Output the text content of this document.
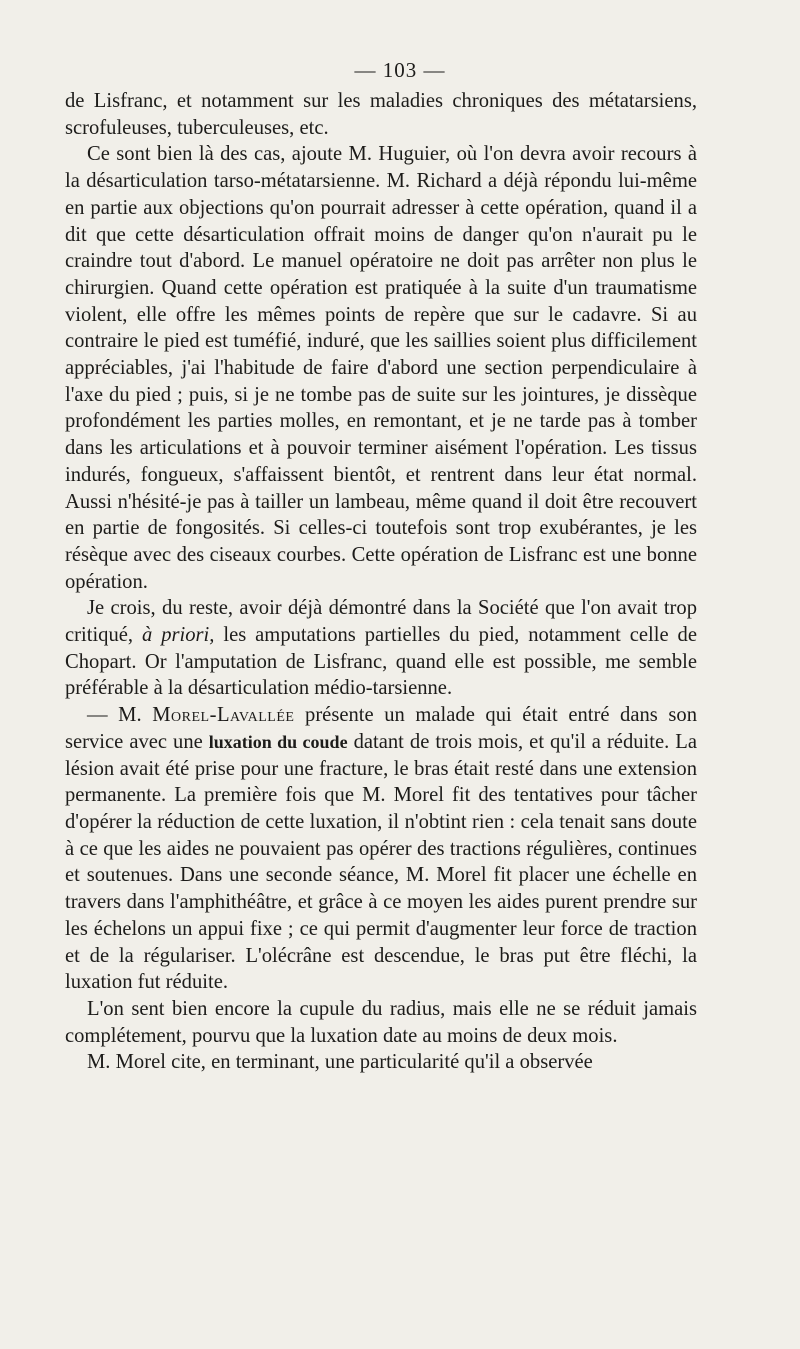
— 103 —

de Lisfranc, et notamment sur les maladies chroniques des métatarsiens, scrofuleuses, tuberculeuses, etc.

Ce sont bien là des cas, ajoute M. Huguier, où l'on devra avoir recours à la désarticulation tarso-métatarsienne. M. Richard a déjà répondu lui-même en partie aux objections qu'on pourrait adresser à cette opération, quand il a dit que cette désarticulation offrait moins de danger qu'on n'aurait pu le craindre tout d'abord. Le manuel opératoire ne doit pas arrêter non plus le chirurgien. Quand cette opération est pratiquée à la suite d'un traumatisme violent, elle offre les mêmes points de repère que sur le cadavre. Si au contraire le pied est tuméfié, induré, que les saillies soient plus difficilement appréciables, j'ai l'habitude de faire d'abord une section perpendiculaire à l'axe du pied ; puis, si je ne tombe pas de suite sur les jointures, je dissèque profondément les parties molles, en remontant, et je ne tarde pas à tomber dans les articulations et à pouvoir terminer aisément l'opération. Les tissus indurés, fongueux, s'affaissent bientôt, et rentrent dans leur état normal. Aussi n'hésité-je pas à tailler un lambeau, même quand il doit être recouvert en partie de fongosités. Si celles-ci toutefois sont trop exubérantes, je les résèque avec des ciseaux courbes. Cette opération de Lisfranc est une bonne opération.

Je crois, du reste, avoir déjà démontré dans la Société que l'on avait trop critiqué, à priori, les amputations partielles du pied, notamment celle de Chopart. Or l'amputation de Lisfranc, quand elle est possible, me semble préférable à la désarticulation médio-tarsienne.

— M. Morel-Lavallée présente un malade qui était entré dans son service avec une luxation du coude datant de trois mois, et qu'il a réduite. La lésion avait été prise pour une fracture, le bras était resté dans une extension permanente. La première fois que M. Morel fit des tentatives pour tâcher d'opérer la réduction de cette luxation, il n'obtint rien : cela tenait sans doute à ce que les aides ne pouvaient pas opérer des tractions régulières, continues et soutenues. Dans une seconde séance, M. Morel fit placer une échelle en travers dans l'amphithéâtre, et grâce à ce moyen les aides purent prendre sur les échelons un appui fixe ; ce qui permit d'augmenter leur force de traction et de la régulariser. L'olécrâne est descendue, le bras put être fléchi, la luxation fut réduite.

L'on sent bien encore la cupule du radius, mais elle ne se réduit jamais complétement, pourvu que la luxation date au moins de deux mois.

M. Morel cite, en terminant, une particularité qu'il a observée
